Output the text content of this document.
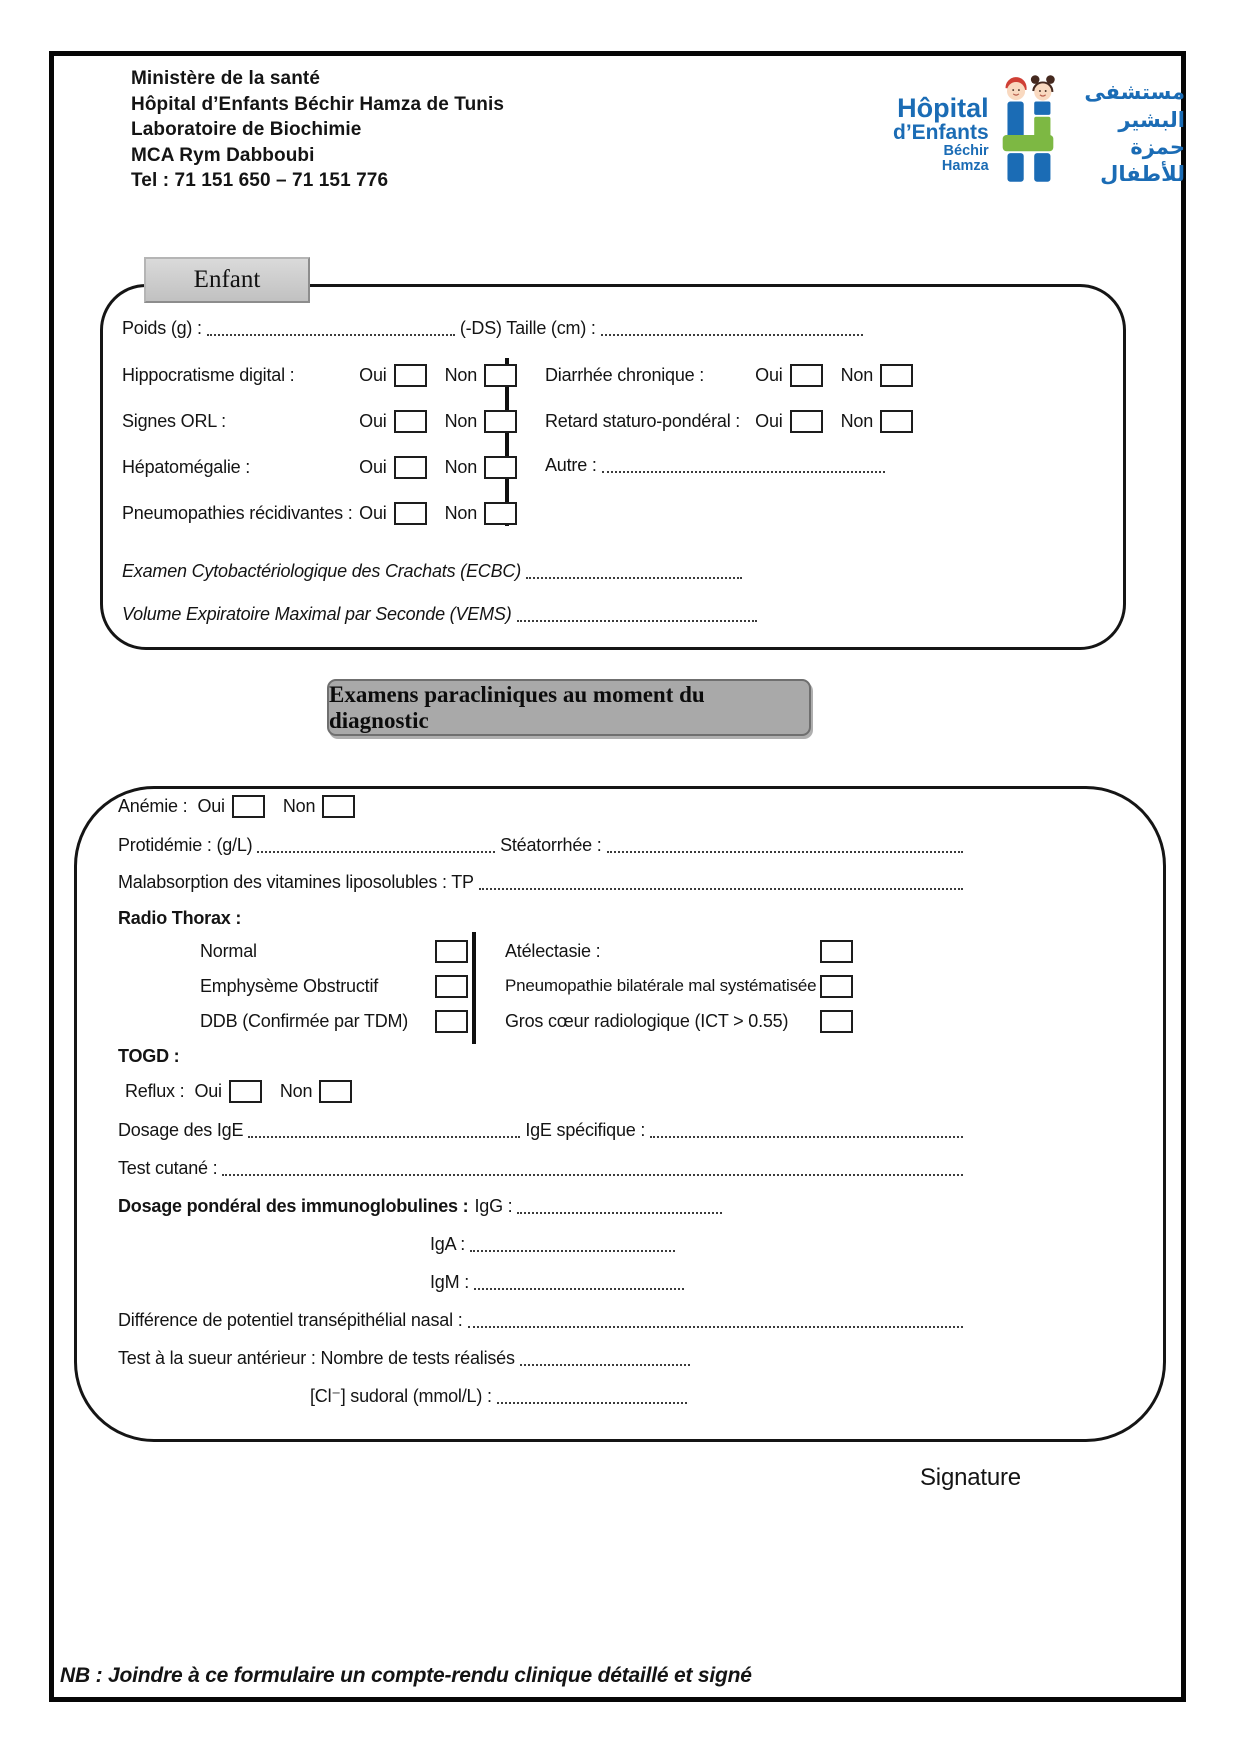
Ministère de la santé
Hôpital d’Enfants Béchir Hamza de Tunis
Laboratoire de Biochimie
MCA Rym Dabboubi
Tel : 71 151 650 – 71 151 776
Hôpital
d’Enfants
Béchir Hamza
مستشفى
البشير حمزة
للأطفال
Enfant
Poids (g) :	(-DS) Taille (cm) :
Hippocratisme digital :	Oui	Non
Signes ORL :	Oui	Non
Hépatomégalie :	Oui	Non
Pneumopathies récidivantes : Oui	Non
Diarrhée chronique :	Oui	Non
Retard staturo-pondéral : Oui	Non
Autre :
Examen Cytobactériologique des Crachats (ECBC)
Volume Expiratoire Maximal par Seconde (VEMS)
Examens paracliniques au moment du diagnostic
Anémie : Oui	Non
Protidémie : (g/L)	Stéatorrhée :
Malabsorption des vitamines liposolubles : TP
Radio Thorax :
Normal
Emphysème Obstructif
DDB (Confirmée par TDM)
Atélectasie :
Pneumopathie bilatérale mal systématisée
Gros cœur radiologique (ICT > 0.55)
TOGD :
Reflux : Oui	Non
Dosage des IgE	IgE spécifique :
Test cutané :
Dosage pondéral des immunoglobulines : IgG :
IgA :
IgM :
Différence de potentiel transépithélial nasal :
Test à la sueur antérieur : Nombre de tests réalisés
[Cl⁻] sudoral (mmol/L) :
Signature
NB : Joindre à ce formulaire un compte-rendu clinique détaillé et signé
